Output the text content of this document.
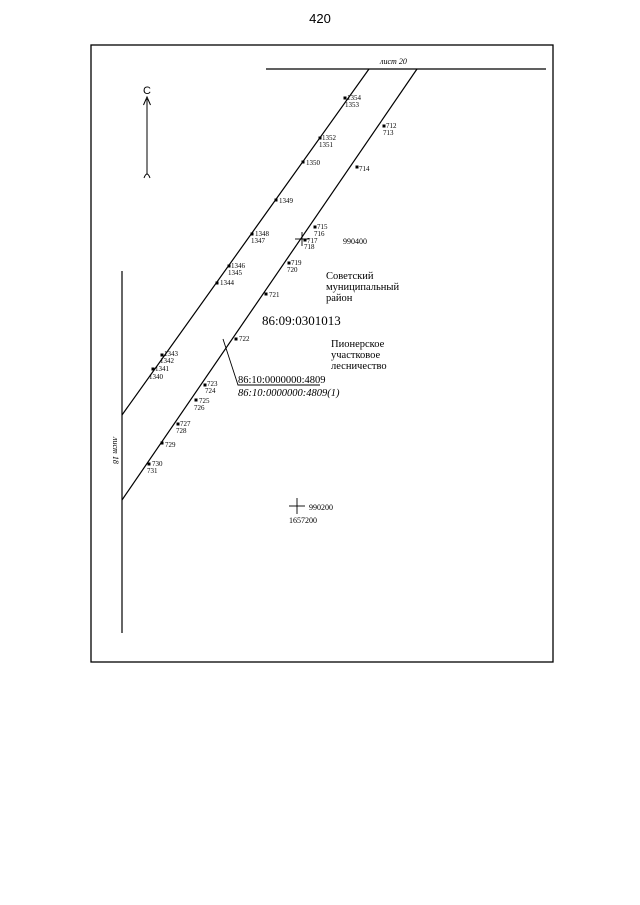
420
лист 20
лист 18
С
990400
990200
1657200
Советский
муниципальный
район
86:09:0301013
Пионерское
участковое
лесничество
86:10:0000000:4809
86:10:0000000:4809(1)
1354
1353
1352
1351
1350
1349
1348
1347
1346
1345
1344
1343
1342
1341
1340
712
713
714
715
716
717
718
719
720
721
722
723
724
725
726
727
728
729
730
731
